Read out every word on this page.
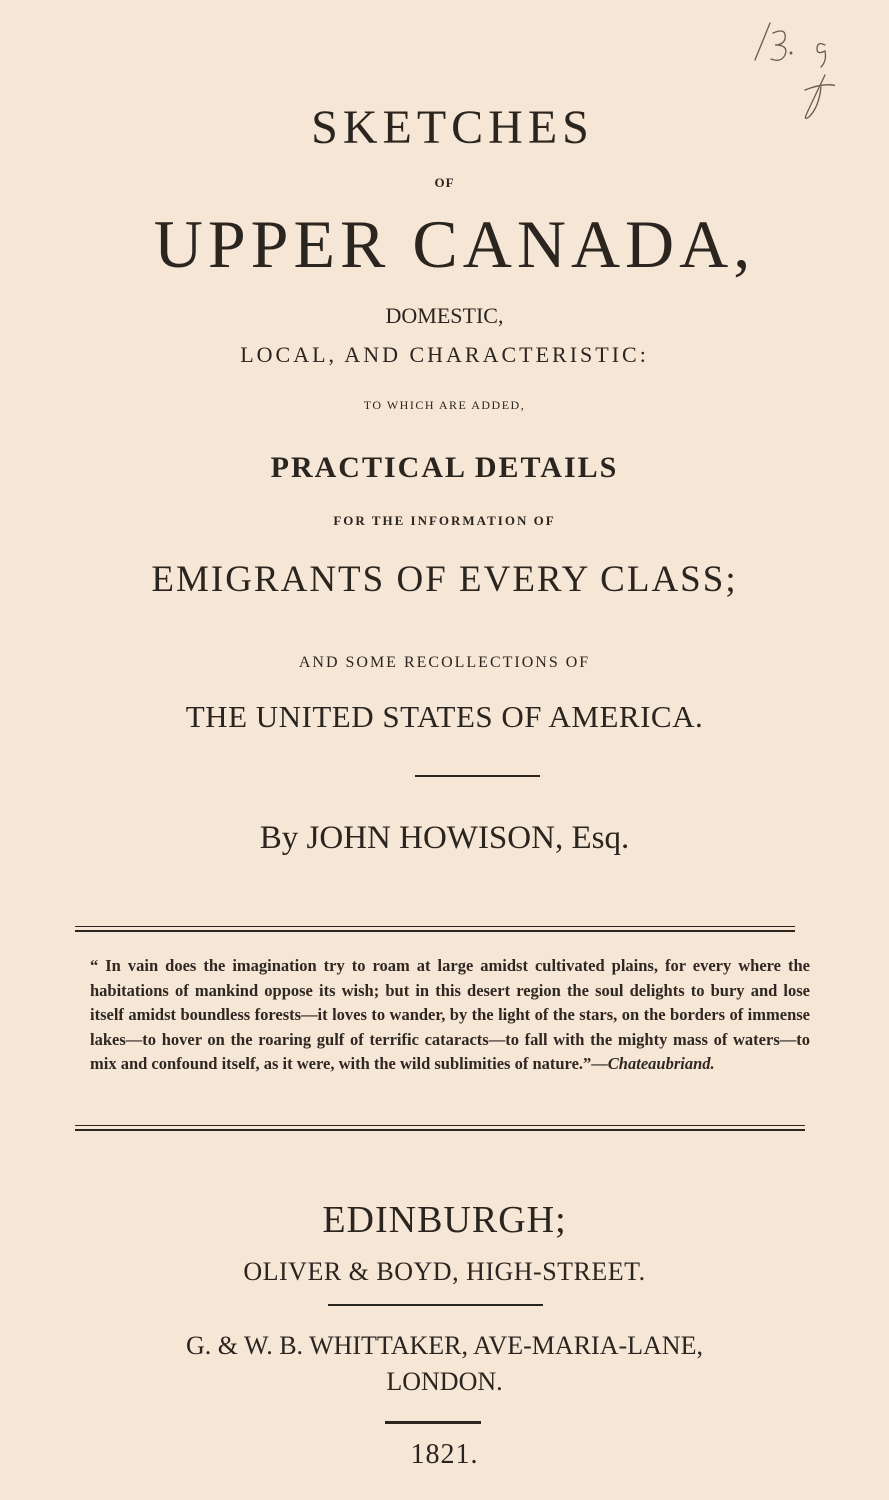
SKETCHES
OF
UPPER CANADA,
DOMESTIC,
LOCAL, AND CHARACTERISTIC:
TO WHICH ARE ADDED,
PRACTICAL DETAILS
FOR THE INFORMATION OF
EMIGRANTS OF EVERY CLASS;
AND SOME RECOLLECTIONS OF
THE UNITED STATES OF AMERICA.
By JOHN HOWISON, Esq.
“ In vain does the imagination try to roam at large amidst cultivated plains, for every where the habitations of mankind oppose its wish; but in this desert region the soul delights to bury and lose itself amidst boundless forests—it loves to wander, by the light of the stars, on the borders of immense lakes—to hover on the roaring gulf of terrific cataracts—to fall with the mighty mass of waters—to mix and confound itself, as it were, with the wild sublimities of nature.”—Chateaubriand.
EDINBURGH;
OLIVER & BOYD, HIGH-STREET.
G. & W. B. WHITTAKER, AVE-MARIA-LANE,
LONDON.
1821.
